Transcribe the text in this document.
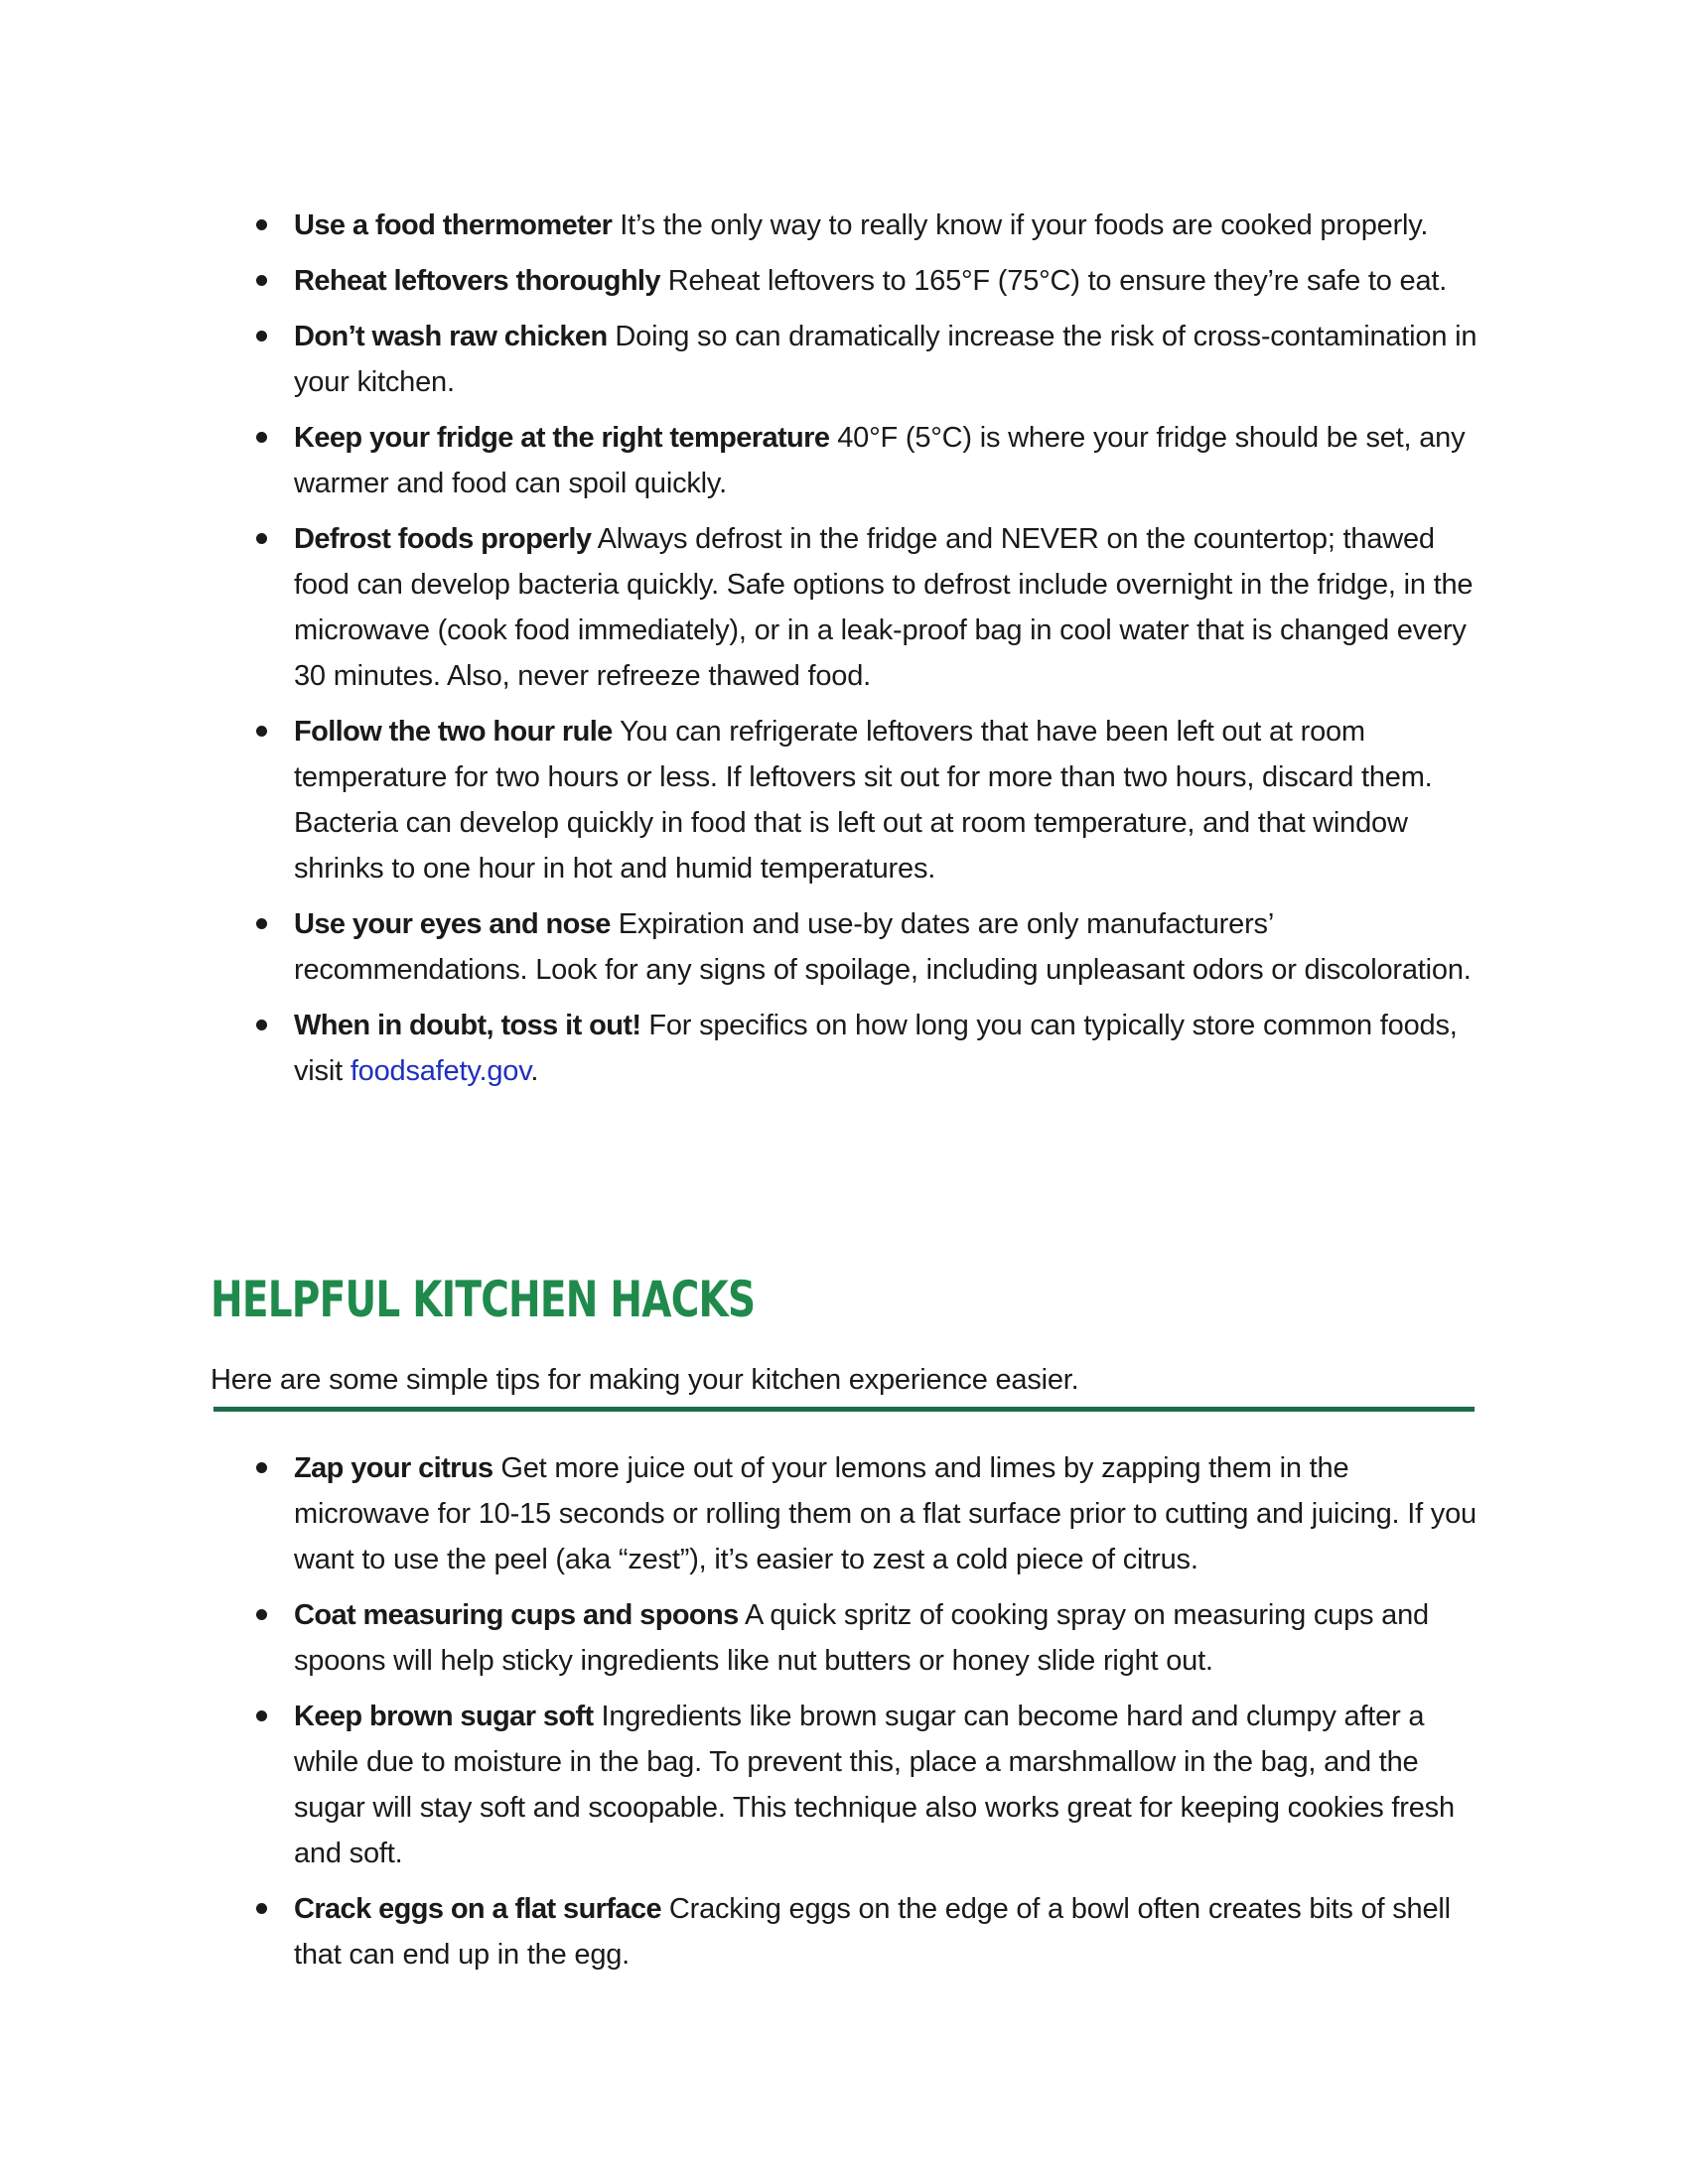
Use a food thermometer It’s the only way to really know if your foods are cooked properly.
Reheat leftovers thoroughly Reheat leftovers to 165°F (75°C) to ensure they’re safe to eat.
Don’t wash raw chicken Doing so can dramatically increase the risk of cross-contamination in your kitchen.
Keep your fridge at the right temperature 40°F (5°C) is where your fridge should be set, any warmer and food can spoil quickly.
Defrost foods properly Always defrost in the fridge and NEVER on the countertop; thawed food can develop bacteria quickly. Safe options to defrost include overnight in the fridge, in the microwave (cook food immediately), or in a leak-proof bag in cool water that is changed every 30 minutes. Also, never refreeze thawed food.
Follow the two hour rule You can refrigerate leftovers that have been left out at room temperature for two hours or less. If leftovers sit out for more than two hours, discard them. Bacteria can develop quickly in food that is left out at room temperature, and that window shrinks to one hour in hot and humid temperatures.
Use your eyes and nose Expiration and use-by dates are only manufacturers’ recommendations. Look for any signs of spoilage, including unpleasant odors or discoloration.
When in doubt, toss it out! For specifics on how long you can typically store common foods, visit foodsafety.gov.
HELPFUL KITCHEN HACKS

Here are some simple tips for making your kitchen experience easier.

Zap your citrus Get more juice out of your lemons and limes by zapping them in the microwave for 10-15 seconds or rolling them on a flat surface prior to cutting and juicing. If you want to use the peel (aka “zest”), it’s easier to zest a cold piece of citrus.
Coat measuring cups and spoons A quick spritz of cooking spray on measuring cups and spoons will help sticky ingredients like nut butters or honey slide right out.
Keep brown sugar soft Ingredients like brown sugar can become hard and clumpy after a while due to moisture in the bag. To prevent this, place a marshmallow in the bag, and the sugar will stay soft and scoopable. This technique also works great for keeping cookies fresh and soft.
Crack eggs on a flat surface Cracking eggs on the edge of a bowl often creates bits of shell that can end up in the egg.
